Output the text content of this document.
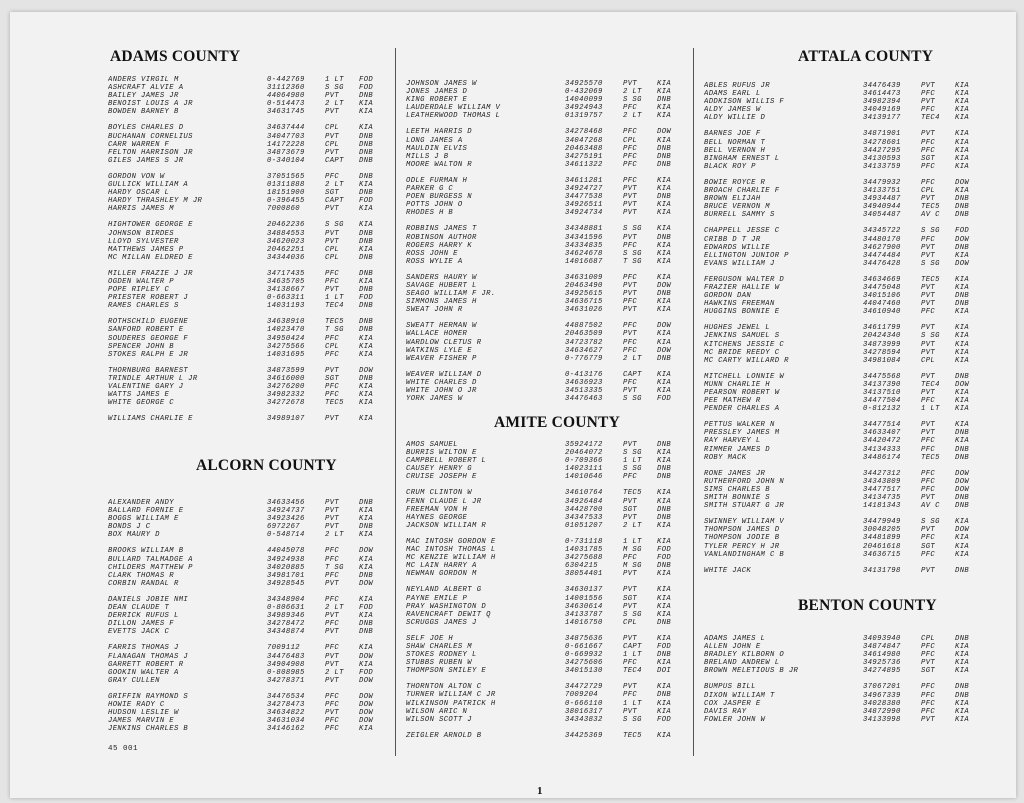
ADAMS COUNTY
ANDERS VIRGIL M	0-442769	1 LT	FOD
ASHCRAFT ALVIE A	31112360	S SG	FOD
BAILEY JAMES JR	44064980	PVT	DNB
BENOIST LOUIS A JR	0-514473	2 LT	KIA
BOWDEN BARNEY B	34631745	PVT	KIA
BOYLES CHARLES D	34637444	CPL	KIA
BUCHANAN CORNELIUS	34047703	PVT	DNB
CARR WARREN F	14172228	CPL	DNB
FELTON HARRISON JR	34873679	PVT	DNB
GILES JAMES S JR	0-340104	CAPT	DNB
GORDON VON W	37051565	PFC	DNB
GULLICK WILLIAM A	01311888	2 LT	KIA
HARDY OSCAR L	18151900	SGT	DNB
HARDY THRASHLEY M JR	0-396455	CAPT	FOD
HARRIS JAMES M	7000860	PVT	KIA
HIGHTOWER GEORGE E	20462236	S SG	KIA
JOHNSON BIRDES	34884553	PVT	DNB
LLOYD SYLVESTER	34620023	PVT	DNB
MATTHEWS JAMES P	20462251	CPL	KIA
MC MILLAN ELDRED E	34344036	CPL	DNB
MILLER FRAZIE J JR	34717435	PFC	DNB
OGDEN WALTER P	34635705	PFC	KIA
POPE RIPLEY C	34138667	PVT	DNB
PRIESTER ROBERT J	0-663311	1 LT	FOD
RAMES CHARLES S	14031193	TEC4	DNB
ROTHSCHILD EUGENE	34638910	TEC5	DNB
SANFORD ROBERT E	14023470	T SG	DNB
SOUDERES GEORGE F	34950424	PFC	KIA
SPENCER JOHN B	34275566	CPL	KIA
STOKES RALPH E JR	14031695	PFC	KIA
THORNBURG BARNEST	34873599	PVT	DOW
TRINDLE ARTHUR L JR	34616000	SGT	DNB
VALENTINE GARY J	34276200	PFC	KIA
WATTS JAMES E	34982332	PFC	KIA
WHITE GEORGE C	34272678	TEC5	KIA
WILLIAMS CHARLIE E	34989107	PVT	KIA
ALCORN COUNTY
ALEXANDER ANDY	34633456	PVT	DNB
BALLARD FORNIE E	34924737	PVT	KIA
BOGGS WILLIAM E	34923426	PVT	KIA
BONDS J C	6972267	PVT	DNB
BOX MAURY D	0-548714	2 LT	KIA
BROOKS WILLIAM B	44045078	PFC	DOW
BULLARD TALMADGE A	34924938	PFC	KIA
CHILDERS MATTHEW P	34020885	T SG	KIA
CLARK THOMAS R	34981701	PFC	DNB
CORBIN RANDAL R	34928545	PVT	DOW
DANIELS JOBIE NMI	34348904	PFC	KIA
DEAN CLAUDE T	0-806631	2 LT	FOD
DERRICK RUFUS L	34989346	PVT	KIA
DILLON JAMES F	34278472	PFC	DNB
EVETTS JACK C	34348874	PVT	DNB
FARRIS THOMAS J	7009112	PFC	KIA
FLANAGAN THOMAS J	34476483	PVT	DOW
GARRETT ROBERT R	34904908	PVT	KIA
GOOKIN WALTER A	0-808985	2 LT	FOD
GRAY CULLEN	34278371	PVT	DOW
GRIFFIN RAYMOND S	34476534	PFC	DOW
HOWIE RADY C	34278473	PFC	DOW
HUDSON LESLIE W	34634822	PVT	DOW
JAMES MARVIN E	34631034	PFC	DOW
JENKINS CHARLES B	34146162	PFC	KIA
JOHNSON JAMES W	34925570	PVT	KIA
JONES JAMES D	0-432069	2 LT	KIA
KING ROBERT E	14040099	S SG	DNB
LAUDERDALE WILLIAM V	34924943	PFC	KIA
LEATHERWOOD THOMAS L	01319757	2 LT	KIA
LEETH HARRIS D	34278468	PFC	DOW
LONG JAMES A	34047268	CPL	KIA
MAULDIN ELVIS	20463488	PFC	DNB
MILLS J B	34275191	PFC	DNB
MOORE WALTON R	34611322	PFC	DNB
ODLE FURMAN H	34611281	PFC	KIA
PARKER G C	34924727	PVT	KIA
POEN BURGESS N	34477538	PVT	DNB
POTTS JOHN O	34926511	PVT	KIA
RHODES H B	34924734	PVT	KIA
ROBBINS JAMES T	34348881	S SG	KIA
ROBINSON AUTHOR	34341596	PVT	DNB
ROGERS HARRY K	34334835	PFC	KIA
ROSS JOHN E	34624678	S SG	KIA
ROSS WYLIE A	14016687	T SG	KIA
SANDERS HAURY W	34631009	PFC	KIA
SAVAGE HUBERT L	20463490	PVT	DOW
SEAGO WILLIAM F JR.	34925615	PVT	DNB
SIMMONS JAMES H	34636715	PFC	KIA
SWEAT JOHN R	34631026	PVT	KIA
SWEATT HERMAN W	44887502	PFC	DOW
WALLACE HOMER	20463509	PVT	KIA
WARDLOW CLETUS R	34723782	PFC	KIA
WATKINS LYLE E	34634627	PFC	DOW
WEAVER FISHER P	0-776779	2 LT	DNB
WEAVER WILLIAM D	0-413176	CAPT	KIA
WHITE CHARLES D	34636923	PFC	KIA
WHITE JOHN O JR	34513335	PVT	KIA
YORK JAMES W	34476463	S SG	FOD
AMITE COUNTY
AMOS SAMUEL	35924172	PVT	DNB
BURRIS WILTON E	20464072	S SG	KIA
CAMPBELL ROBERT L	0-709366	1 LT	KIA
CAUSEY HENRY G	14023111	S SG	DNB
CRUISE JOSEPH E	14010646	PFC	DNB
CRUM CLINTON W	34610764	TEC5	KIA
FENN CLAUDE L JR	34926484	PVT	KIA
FREEMAN VON H	34428700	SGT	DNB
HAYNES GEORGE	34347533	PVT	DNB
JACKSON WILLIAM R	01051207	2 LT	KIA
MAC INTOSH GORDON E	0-731118	1 LT	KIA
MAC INTOSH THOMAS L	14031785	M SG	FOD
MC KENZIE WILLIAM H	34275688	PFC	FOD
MC LAIN HARRY A	6304215	M SG	DNB
NEWMAN GORDON M	38054401	PVT	KIA
NEYLAND ALBERT G	34630137	PVT	KIA
PAYNE EMILE P	14001556	SGT	KIA
PRAY WASHINGTON D	34630614	PVT	KIA
RAVENCRAFT DEWIT Q	34133787	S SG	KIA
SCRUGGS JAMES J	14016750	CPL	DNB
SELF JOE H	34875636	PVT	KIA
SHAW CHARLES M	0-661667	CAPT	FOD
STOKES RODNEY L	0-669932	1 LT	DNB
STUBBS RUBEN W	34275606	PFC	KIA
THOMPSON SMILEY E	34015130	TEC4	DOI
THORNTON ALTON C	34472729	PVT	KIA
TURNER WILLIAM C JR	7009204	PFC	DNB
WILKINSON PATRICK H	0-666110	1 LT	KIA
WILSON ARIC N	38016317	PVT	KIA
WILSON SCOTT J	34343832	S SG	FOD
ZEIGLER ARNOLD B	34425369	TEC5	KIA
ATTALA COUNTY
ABLES RUFUS JR	34476439	PVT	KIA
ADAMS EARL L	34614473	PFC	KIA
ADDKISON WILLIS F	34982394	PVT	KIA
ALDY JAMES W	34049169	PFC	KIA
ALDY WILLIE D	34139177	TEC4	KIA
BARNES JOE F	34871901	PVT	KIA
BELL NORMAN T	34278601	PFC	KIA
BELL VERNON H	34427295	PFC	KIA
BINGHAM ERNEST L	34130593	SGT	KIA
BLACK ROY P	34133759	PFC	KIA
BOWIE ROYCE R	34479932	PFC	DOW
BROACH CHARLIE F	34133751	CPL	KIA
BROWN ELIJAH	34934487	PVT	DNB
BRUCE VERNON M	34940944	TEC5	DNB
BURRELL SAMMY S	34054487	AV C	DNB
CHAPPELL JESSE C	34345722	S SG	FOD
CRIBB D T JR	34480170	PFC	DOW
EDWARDS WILLIE	34627900	PVT	DNB
ELLINGTON JUNIOR P	34474484	PVT	KIA
EVANS WILLIAM J	34476428	S SG	DOW
FERGUSON WALTER D	34634669	TEC5	KIA
FRAZIER HALLIE W	34475048	PVT	KIA
GORDON DAN	34015106	PVT	DNB
HAWKINS FREEMAN	44047460	PVT	DNB
HUGGINS BONNIE E	34610940	PFC	KIA
HUGHES JEWEL L	34611799	PVT	KIA
JENKINS SAMUEL S	20424340	S SG	KIA
KITCHENS JESSIE C	34873999	PVT	KIA
MC BRIDE REEDY C	34278594	PVT	KIA
MC CARTY WILLARD R	34981084	CPL	KIA
MITCHELL LONNIE W	34475568	PVT	DNB
MUNN CHARLIE H	34137390	TEC4	DOW
PEARSON ROBERT W	34137510	PVT	KIA
PEE MATHEW R	34477504	PFC	KIA
PENDER CHARLES A	0-812132	1 LT	KIA
PETTUS WALKER N	34477514	PVT	KIA
PRESSLEY JAMES M	34633407	PVT	DNB
RAY HARVEY L	34420472	PFC	KIA
RIMMER JAMES D	34134333	PFC	DNB
ROBY MACK	34486174	TEC5	DNB
RONE JAMES JR	34427312	PFC	DOW
RUTHERFORD JOHN N	34343809	PFC	DOW
SIMS CHARLES B	34477517	PFC	DOW
SMITH BONNIE S	34134735	PVT	DNB
SMITH STUART G JR	14181343	AV C	DNB
SWINNEY WILLIAM V	34479949	S SG	KIA
THOMPSON JAMES D	30048205	PVT	DOW
THOMPSON JODIE B	34481899	PFC	KIA
TYLER PERCY H JR	20461618	SGT	KIA
VANLANDINGHAM C B	34636715	PFC	KIA
WHITE JACK	34131798	PVT	DNB
BENTON COUNTY
ADAMS JAMES L	34093940	CPL	DNB
ALLEN JOHN E	34874847	PFC	KIA
BRADLEY KILBORN O	34614980	PFC	KIA
BRELAND ANDREW L	34925736	PVT	KIA
BROWN MELETIOUS B JR	34274895	SGT	KIA
BUMPUS BILL	37067201	PFC	DNB
DIXON WILLIAM T	34967339	PFC	DNB
COX JASPER E	34028380	PFC	KIA
DAVIS RAY	34872990	PFC	KIA
FOWLER JOHN W	34133998	PVT	KIA
45 001
1
